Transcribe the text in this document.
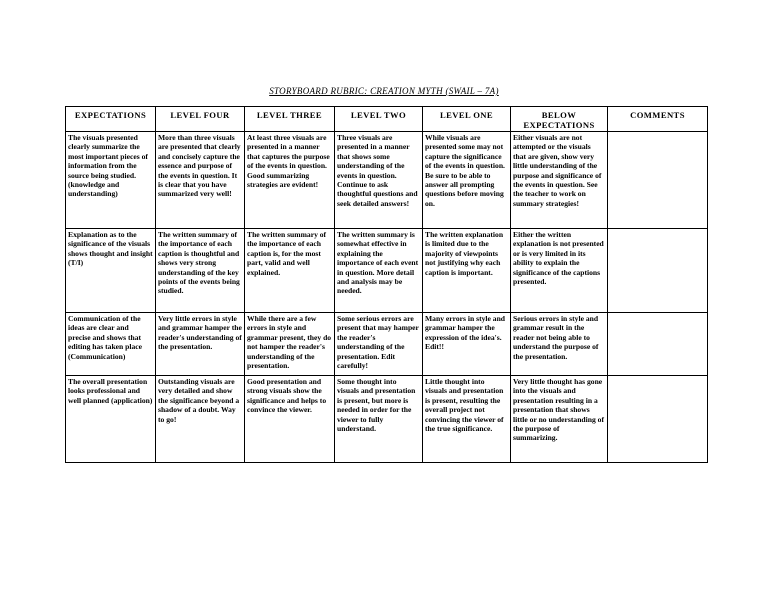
STORYBOARD RUBRIC: CREATION MYTH (SWAIL – 7A)
EXPECTATIONS	LEVEL FOUR	LEVEL THREE	LEVEL TWO	LEVEL ONE	BELOW EXPECTATIONS	COMMENTS
The visuals presented clearly summarize the most important pieces of information from the source being studied. (knowledge and understanding)	More than three visuals are presented that clearly and concisely capture the essence and purpose of the events in question. It is clear that you have summarized very well!	At least three visuals are presented in a manner that captures the purpose of the events in question. Good summarizing strategies are evident!	Three visuals are presented in a manner that shows some understanding of the events in question. Continue to ask thoughtful questions and seek detailed answers!	While visuals are presented some may not capture the significance of the events in question. Be sure to be able to answer all prompting questions before moving on.	Either visuals are not attempted or the visuals that are given, show very little understanding of the purpose and significance of the events in question. See the teacher to work on summary strategies!	
Explanation as to the significance of the visuals shows thought and insight (T/I)	The written summary of the importance of each caption is thoughtful and shows very strong understanding of the key points of the events being studied.	The written summary of the importance of each caption is, for the most part, valid and well explained.	The written summary is somewhat effective in explaining the importance of each event in question. More detail and analysis may be needed.	The written explanation is limited due to the majority of viewpoints not justifying why each caption is important.	Either the written explanation is not presented or is very limited in its ability to explain the significance of the captions presented.	
Communication of the ideas are clear and precise and shows that editing has taken place (Communication)	Very little errors in style and grammar hamper the reader's understanding of the presentation.	While there are a few errors in style and grammar present, they do not hamper the reader's understanding of the presentation.	Some serious errors are present that may hamper the reader's understanding of the presentation. Edit carefully!	Many errors in style and grammar hamper the expression of the idea's. Edit!!	Serious errors in style and grammar result in the reader not being able to understand the purpose of the presentation.	
The overall presentation looks professional and well planned (application)	Outstanding visuals are very detailed and show the significance beyond a shadow of a doubt. Way to go!	Good presentation and strong visuals show the significance and helps to convince the viewer.	Some thought into visuals and presentation is present, but more is needed in order for the viewer to fully understand.	Little thought into visuals and presentation is present, resulting the overall project not convincing the viewer of the true significance.	Very little thought has gone into the visuals and presentation resulting in a presentation that shows little or no understanding of the purpose of summarizing.	
